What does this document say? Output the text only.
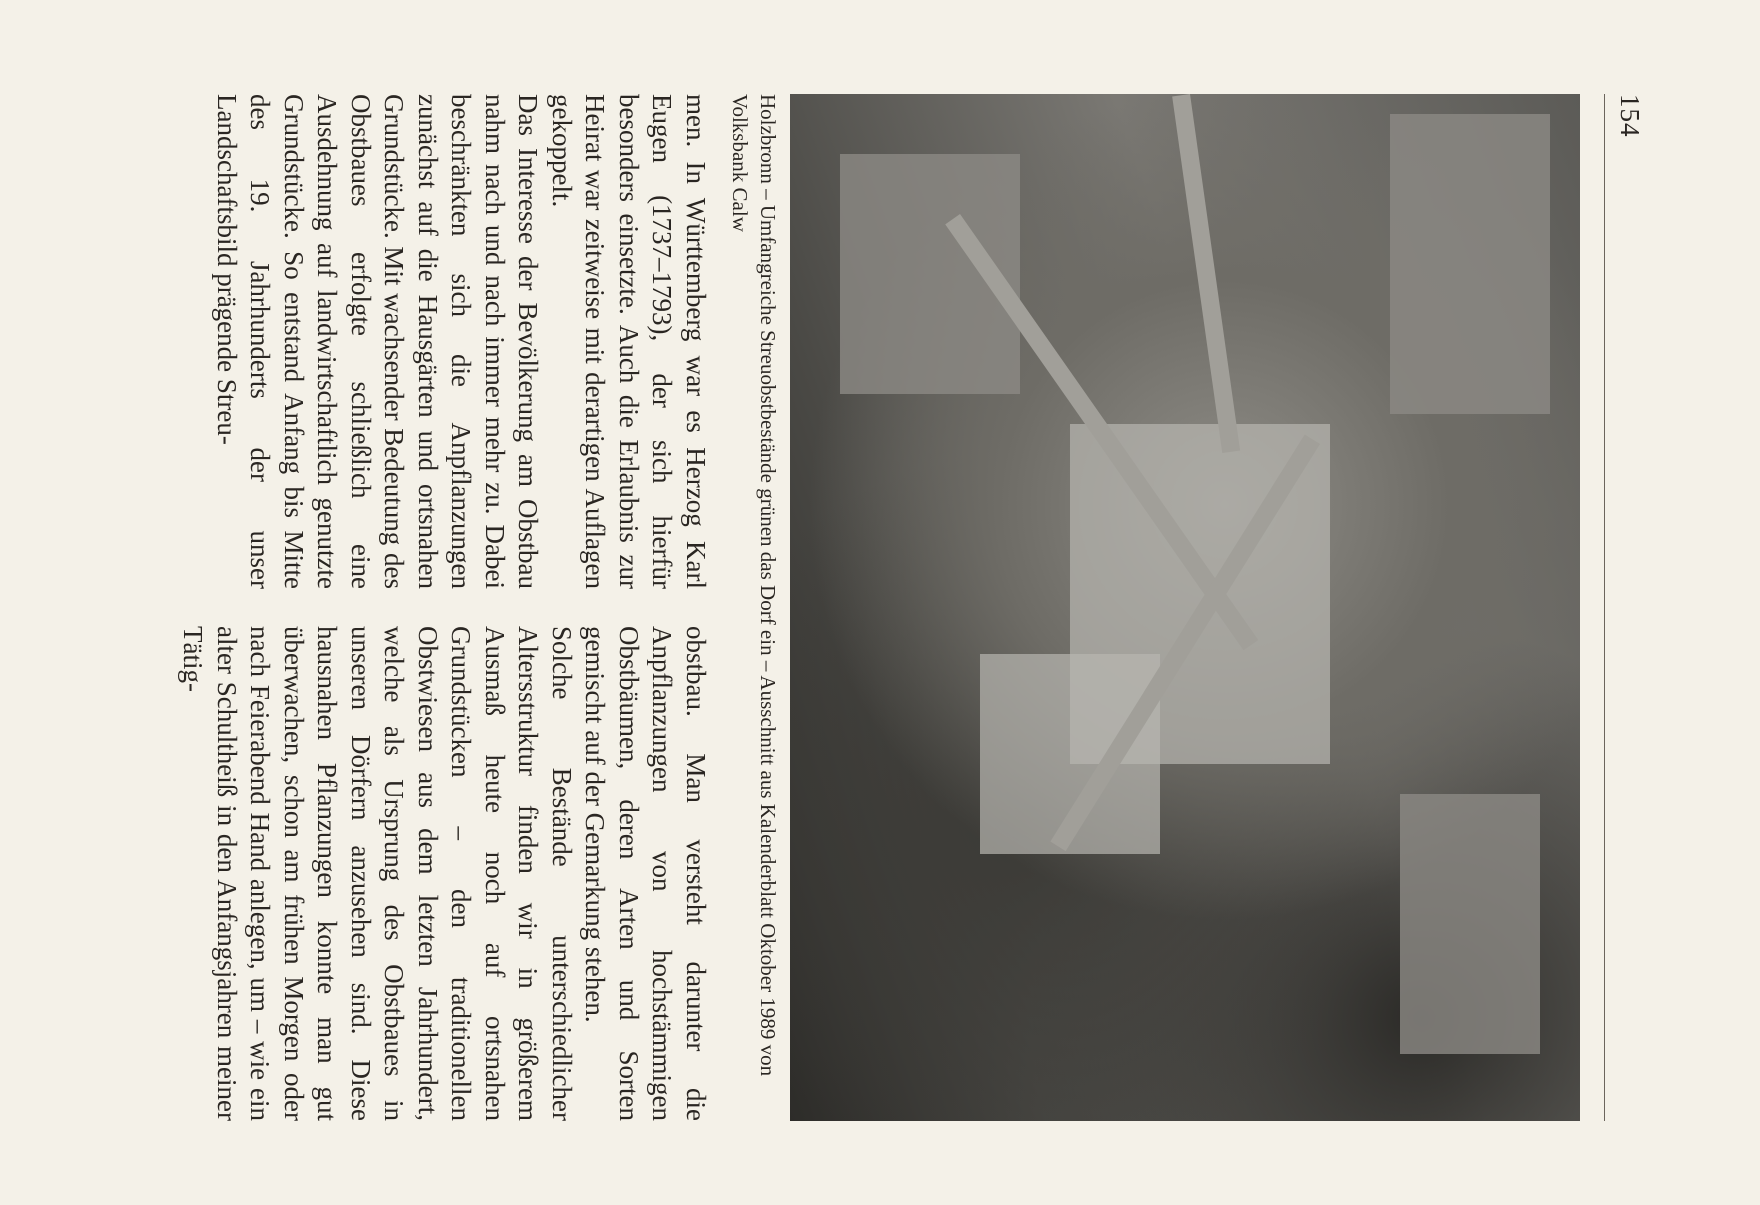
154

Holzbronn – Umfangreiche Streuobstbestände grünen das Dorf ein – Ausschnitt aus Kalenderblatt Oktober 1989 von Volksbank Calw

men. In Württemberg war es Herzog Karl Eugen (1737–1793), der sich hierfür besonders einsetzte. Auch die Erlaubnis zur Heirat war zeitweise mit derartigen Auflagen gekoppelt.

Das Interesse der Bevölkerung am Obstbau nahm nach und nach immer mehr zu. Dabei beschränkten sich die Anpflanzungen zunächst auf die Hausgärten und ortsnahen Grundstücke. Mit wachsender Bedeutung des Obstbaues erfolgte schließlich eine Ausdehnung auf landwirtschaftlich genutzte Grundstücke. So entstand Anfang bis Mitte des 19. Jahrhunderts der unser Landschaftsbild prägende Streu-

obstbau. Man versteht darunter die Anpflanzungen von hochstämmigen Obstbäumen, deren Arten und Sorten gemischt auf der Gemarkung stehen.

Solche Bestände unterschiedlicher Altersstruktur finden wir in größerem Ausmaß heute noch auf ortsnahen Grundstücken – den traditionellen Obstwiesen aus dem letzten Jahrhundert, welche als Ursprung des Obstbaues in unseren Dörfern anzusehen sind. Diese hausnahen Pflanzungen konnte man gut überwachen, schon am frühen Morgen oder nach Feierabend Hand anlegen, um – wie ein alter Schultheiß in den Anfangsjahren meiner Tätig-
